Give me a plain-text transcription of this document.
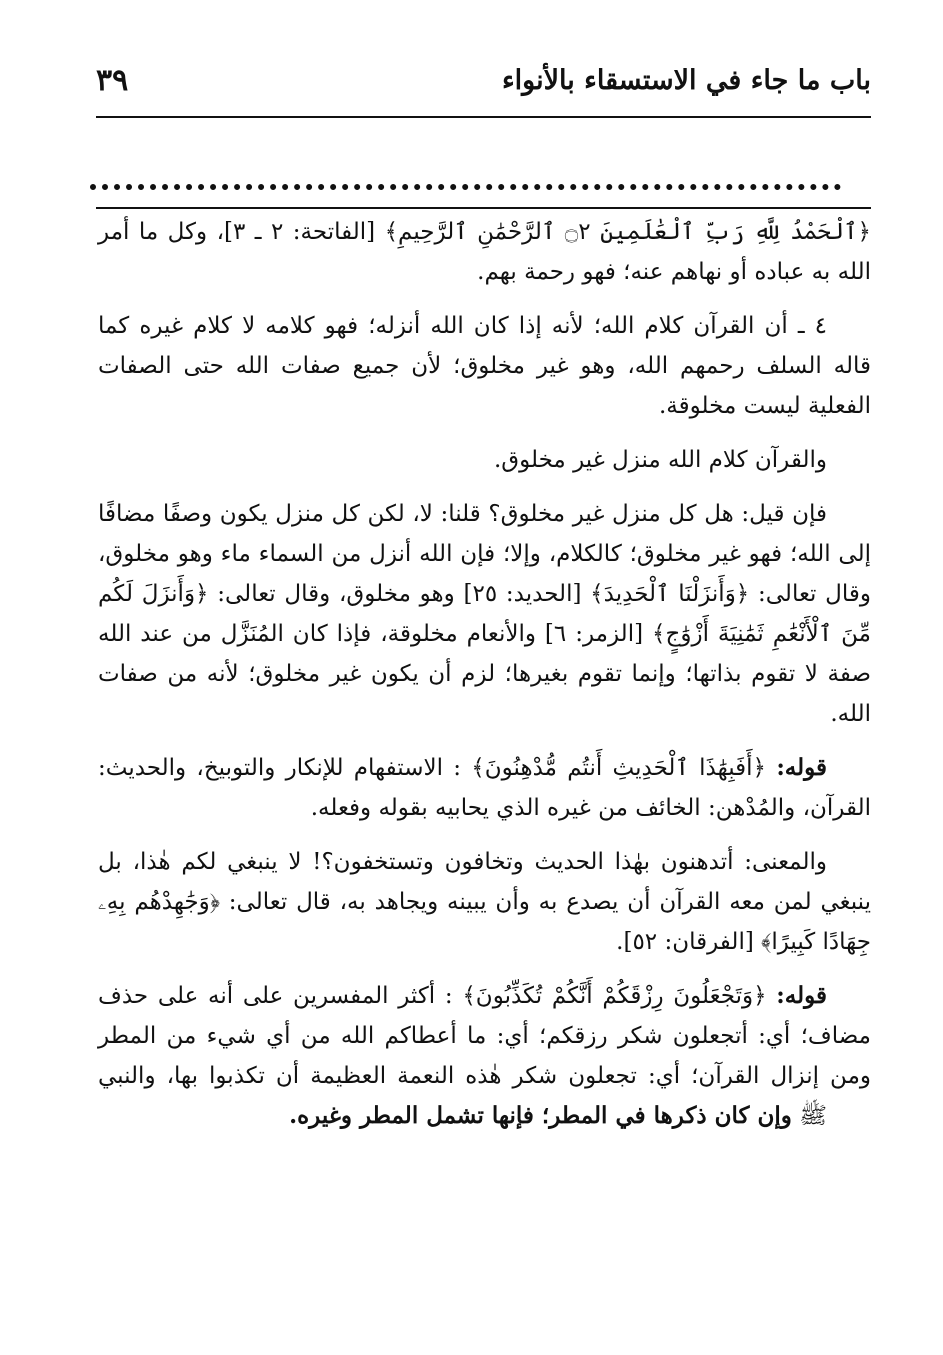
باب ما جاء في الاستسقاء بالأنواء
٣٩

﴿ٱلْحَمْدُ لِلَّهِ رَبِّ ٱلْعَٰلَمِينَ ۝٢ ٱلرَّحْمَٰنِ ٱلرَّحِيمِ﴾ [الفاتحة: ٢ ـ ٣]، وكل ما أمر الله به عباده أو نهاهم عنه؛ فهو رحمة بهم.

٤ ـ أن القرآن كلام الله؛ لأنه إذا كان الله أنزله؛ فهو كلامه لا كلام غيره كما قاله السلف رحمهم الله، وهو غير مخلوق؛ لأن جميع صفات الله حتى الصفات الفعلية ليست مخلوقة.

والقرآن كلام الله منزل غير مخلوق.

فإن قيل: هل كل منزل غير مخلوق؟ قلنا: لا، لكن كل منزل يكون وصفًا مضافًا إلى الله؛ فهو غير مخلوق؛ كالكلام، وإلا؛ فإن الله أنزل من السماء ماء وهو مخلوق، وقال تعالى: ﴿وَأَنزَلْنَا ٱلْحَدِيدَ﴾ [الحديد: ٢٥] وهو مخلوق، وقال تعالى: ﴿وَأَنزَلَ لَكُم مِّنَ ٱلْأَنْعَٰمِ ثَمَٰنِيَةَ أَزْوَٰجٍ﴾ [الزمر: ٦] والأنعام مخلوقة، فإذا كان المُنَزَّل من عند الله صفة لا تقوم بذاتها؛ وإنما تقوم بغيرها؛ لزم أن يكون غير مخلوق؛ لأنه من صفات الله.

قوله: ﴿أَفَبِهَٰذَا ٱلْحَدِيثِ أَنتُم مُّدْهِنُونَ﴾ : الاستفهام للإنكار والتوبيخ، والحديث: القرآن، والمُدْهن: الخائف من غيره الذي يحابيه بقوله وفعله.

والمعنى: أتدهنون بهٰذا الحديث وتخافون وتستخفون؟! لا ينبغي لكم هٰذا، بل ينبغي لمن معه القرآن أن يصدع به وأن يبينه ويجاهد به، قال تعالى: ﴿وَجَٰهِدْهُم بِهِۦ جِهَادًا كَبِيرًا﴾ [الفرقان: ٥٢].

قوله: ﴿وَتَجْعَلُونَ رِزْقَكُمْ أَنَّكُمْ تُكَذِّبُونَ﴾ : أكثر المفسرين على أنه على حذف مضاف؛ أي: أتجعلون شكر رزقكم؛ أي: ما أعطاكم الله من أي شيء من المطر ومن إنزال القرآن؛ أي: تجعلون شكر هٰذه النعمة العظيمة أن تكذبوا بها، والنبي ﷺ وإن كان ذكرها في المطر؛ فإنها تشمل المطر وغيره.
